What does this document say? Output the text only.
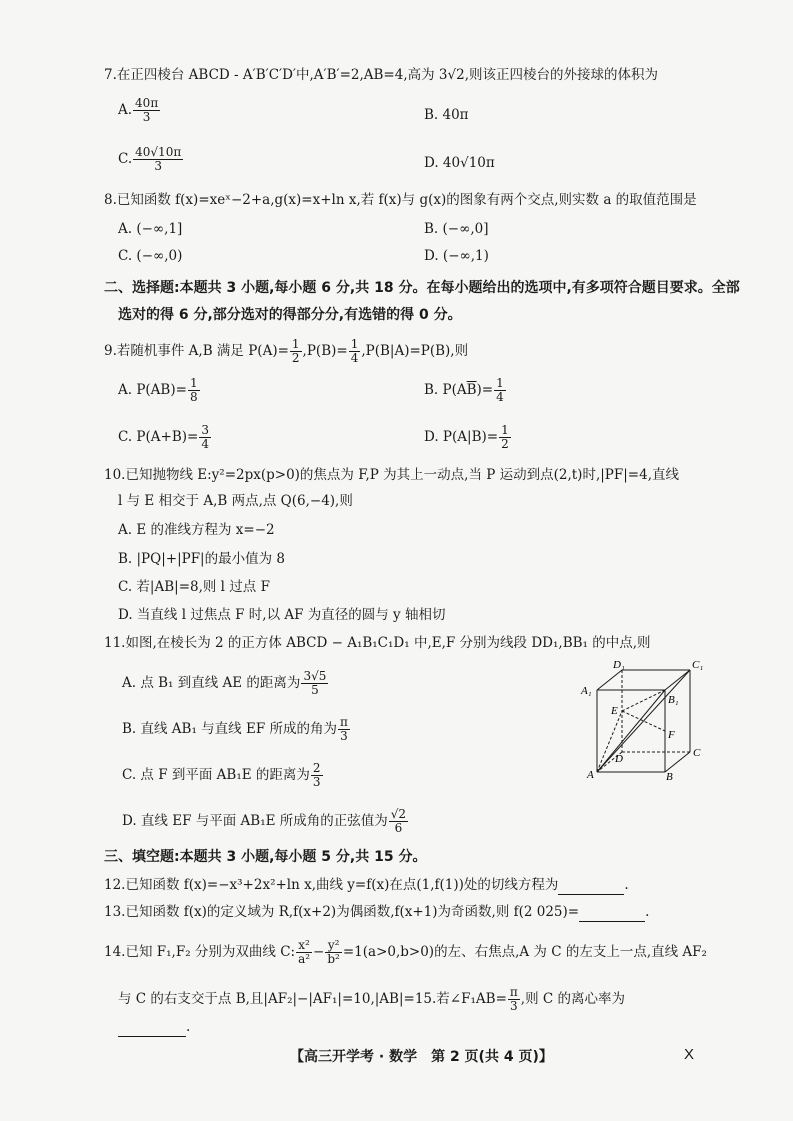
7.在正四棱台 ABCD - A′B′C′D′中,A′B′=2,AB=4,高为 3√2,则该正四棱台的外接球的体积为
A. $\frac{40\pi}{3}$	B. 40π
C. $\frac{40√10\pi}{3}$	D. 40√10π
8.已知函数 f(x)=xeˣ−2+a,g(x)=x+ln x,若 f(x)与 g(x)的图象有两个交点,则实数 a 的取值范围是
A. (−∞,1]	B. (−∞,0]
C. (−∞,0)	D. (−∞,1)
二、选择题:本题共 3 小题,每小题 6 分,共 18 分。在每小题给出的选项中,有多项符合题目要求。全部
选对的得 6 分,部分选对的得部分分,有选错的得 0 分。
9.若随机事件 A,B 满足 $P(A)= \frac{1}{2} ,P(B)= \frac{1}{4} ,P(B|A)=P(B)$,则
A. $P(AB)= \frac{1}{8}$	B. $P(A\overline{B})= \frac{1}{4}$
C. $P(A+B)= \frac{3}{4}$	D. $P(A|B)= \frac{1}{2}$
10.已知抛物线 E:y²=2px(p>0)的焦点为 F,P 为其上一动点,当 P 运动到点(2,t)时,|PF|=4,直线
l 与 E 相交于 A,B 两点,点 Q(6,−4),则
A. E 的准线方程为 x=−2
B. |PQ|+|PF|的最小值为 8
C. 若|AB|=8,则 l 过点 F
D. 当直线 l 过焦点 F 时,以 AF 为直径的圆与 y 轴相切
11.如图,在棱长为 2 的正方体 ABCD − A₁B₁C₁D₁ 中,E,F 分别为线段 DD₁,BB₁ 的中点,则
A. 点 B₁ 到直线 AE 的距离为 $\frac{3√5}{5}$
B. 直线 AB₁ 与直线 EF 所成的角为 $\frac{\pi}{3}$
C. 点 F 到平面 AB₁E 的距离为 $\frac{2}{3}$
D. 直线 EF 与平面 AB₁E 所成角的正弦值为 $\frac{√2}{6}$
D₁	C₁
A₁
B₁
E
F
D	C
A	B
三、填空题:本题共 3 小题,每小题 5 分,共 15 分。
12.已知函数 f(x)=−x³+2x²+ln x,曲线 y=f(x)在点(1,f(1))处的切线方程为	.
13.已知函数 f(x)的定义域为 R,f(x+2)为偶函数,f(x+1)为奇函数,则 f(2 025)=	.
14.已知 F₁,F₂ 分别为双曲线 C: $\frac{\text{x²}}{\text{a²}} - \frac{\text{y²}}{\text{b²}} =1(a>0,b>0)$的左、右焦点,A 为 C 的左支上一点,直线 AF₂
与 C 的右支交于点 B,且|AF₂|−|AF₁|=10,|AB|=15.若∠F₁AB= $\frac{\pi}{3}$ ,则 C 的离心率为
.
【高三开学考 · 数学　第 2 页(共 4 页)】	X
